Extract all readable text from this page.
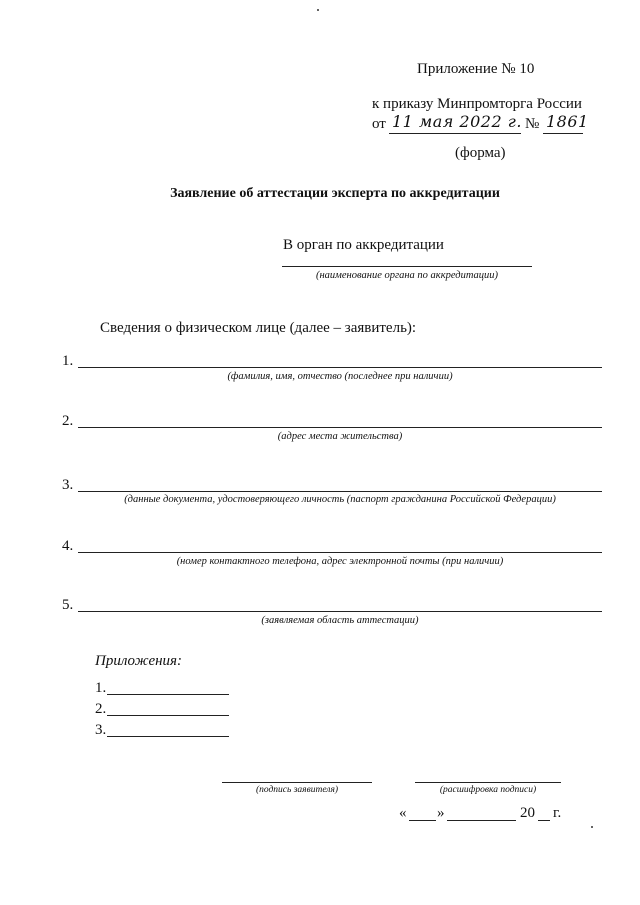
Приложение № 10
к приказу Минпромторга России
от 11 мая 2022 г. № 1861
(форма)
Заявление об аттестации эксперта по аккредитации
В орган по аккредитации
(наименование органа по аккредитации)
Сведения о физическом лице (далее – заявитель):
1.
(фамилия, имя, отчество (последнее при наличии)
2.
(адрес места жительства)
3.
(данные документа, удостоверяющего личность (паспорт гражданина Российской Федерации)
4.
(номер контактного телефона, адрес электронной почты (при наличии)
5.
(заявляемая область аттестации)
Приложения:
1.
2.
3.
(подпись заявителя)	(расшифровка подписи)
« »	20 г.
